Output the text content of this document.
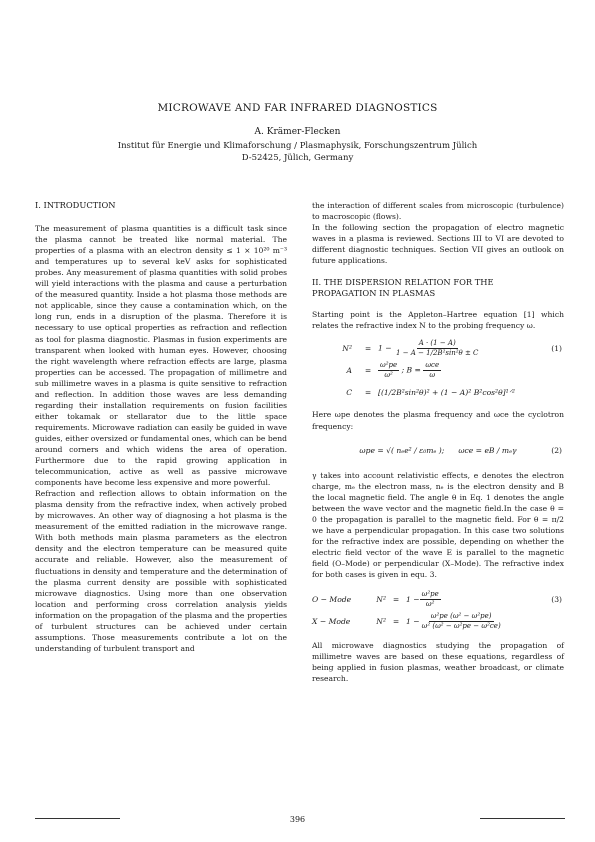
MICROWAVE AND FAR INFRARED DIAGNOSTICS
A. Krämer-Flecken
Institut für Energie und Klimaforschung / Plasmaphysik, Forschungszentrum Jülich
D-52425, Jülich, Germany
I. INTRODUCTION

The measurement of plasma quantities is a difficult task since the plasma cannot be treated like normal material. The properties of a plasma with an electron density ≤ 1 × 10²⁰ m⁻³ and temperatures up to several keV asks for sophisticated probes. Any measurement of plasma quantities with solid probes will yield interactions with the plasma and cause a perturbation of the measured quantity. Inside a hot plasma those methods are not applicable, since they cause a contamination which, on the long run, ends in a disruption of the plasma. Therefore it is necessary to use optical properties as refraction and reflection as tool for plasma diagnostic. Plasmas in fusion experiments are transparent when looked with human eyes. However, choosing the right wavelength where refraction effects are large, plasma properties can be accessed. The propagation of millimetre and sub millimetre waves in a plasma is quite sensitive to refraction and reflection. In addition those waves are less demanding regarding their installation requirements on fusion facilities either tokamak or stellarator due to the little space requirements. Microwave radiation can easily be guided in wave guides, either oversized or fundamental ones, which can be bend around corners and which widens the area of operation. Furthermore due to the rapid growing application in telecommunication, active as well as passive microwave components have become less expensive and more powerful.

Refraction and reflection allows to obtain information on the plasma density from the refractive index, when actively probed by microwaves. An other way of diagnosing a hot plasma is the measurement of the emitted radiation in the microwave range. With both methods main plasma parameters as the electron density and the electron temperature can be measured quite accurate and reliable. However, also the measurement of fluctuations in density and temperature and the determination of the plasma current density are possible with sophisticated microwave diagnostics. Using more than one observation location and performing cross correlation analysis yields information on the propagation of the plasma and the properties of turbulent structures can be achieved under certain assumptions. Those measurements contribute a lot on the understanding of turbulent transport and

the interaction of different scales from microscopic (turbulence) to macroscopic (flows).

In the following section the propagation of electro magnetic waves in a plasma is reviewed. Sections III to VI are devoted to different diagnostic techniques. Section VII gives an outlook on future applications.

II. THE DISPERSION RELATION FOR THE
PROPAGATION IN PLASMAS

Starting point is the Appleton–Hartree equation [1] which relates the refractive index N to the probing frequency ω.

N²	= $1 - \frac{A \cdot (1 - A)}{\text{1 − A − 1/2B²sin²θ ± C}}$	(1)
A	= $\frac{\text{ω²pe}}{\text{ω²}}$ ; $B = \frac{\text{ωce}}{\omega}$
C	= [(1/2B²sin²θ)² + (1 − A)² B²cos²θ]¹ᐟ²

Here ωpe denotes the plasma frequency and ωce the cyclotron frequency:

ωpe = √( nₑe² / ε₀mₑ ); ωce = eB / mₑγ	(2)

γ takes into account relativistic effects, e denotes the electron charge, mₑ the electron mass, nₑ is the electron density and B the local magnetic field. The angle θ in Eq. 1 denotes the angle between the wave vector and the magnetic field.In the case θ = 0 the propagation is parallel to the magnetic field. For θ = π/2 we have a perpendicular propagation. In this case two solutions for the refractive index are possible, depending on whether the electric field vector of the wave E is parallel to the magnetic field (O–Mode) or perpendicular (X–Mode). The refractive index for both cases is given in equ. 3.

O − Mode	$N^2 = 1 - \frac{\text{ω²pe}}{\text{ω²}}$	(3)
X − Mode	$N^2 = 1 - \frac{\text{ω²pe (ω² − ω²pe)}}{\text{ω² (ω² − ω²pe − ω²ce)}}$

All microwave diagnostics studying the propagation of millimetre waves are based on these equations, regardless of being applied in fusion plasmas, weather broadcast, or climate research.

396
